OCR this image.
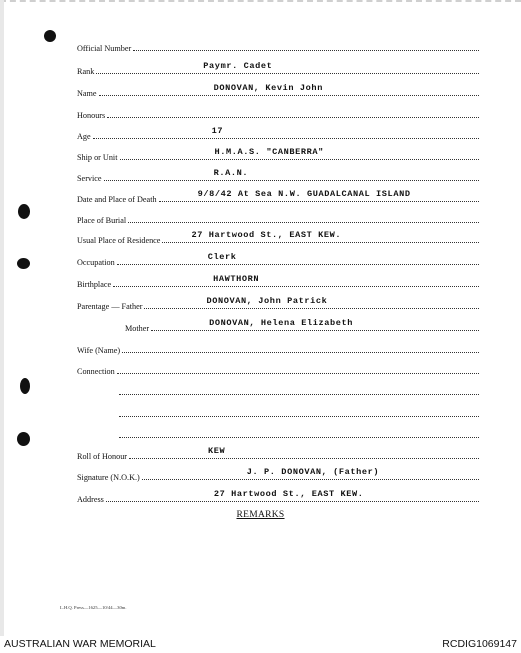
Official Number
Rank	Paymr. Cadet
Name	DONOVAN, Kevin John
Honours
Age	17
Ship or Unit	H.M.A.S. "CANBERRA"
Service	R.A.N.
Date and Place of Death	9/8/42 At Sea N.W. GUADALCANAL ISLAND
Place of Burial
Usual Place of Residence	27 Hartwood St., EAST KEW.
Occupation	Clerk
Birthplace	HAWTHORN
Parentage — Father	DONOVAN, John Patrick
Mother	DONOVAN, Helena Elizabeth
Wife (Name)
Connection
Roll of Honour	KEW
Signature (N.O.K.)	J. P. DONOVAN, (Father)
Address	27 Hartwood St., EAST KEW.
REMARKS
L.H.Q. Press—1625—10/44—30m.
AUSTRALIAN WAR MEMORIAL	RCDIG1069147
